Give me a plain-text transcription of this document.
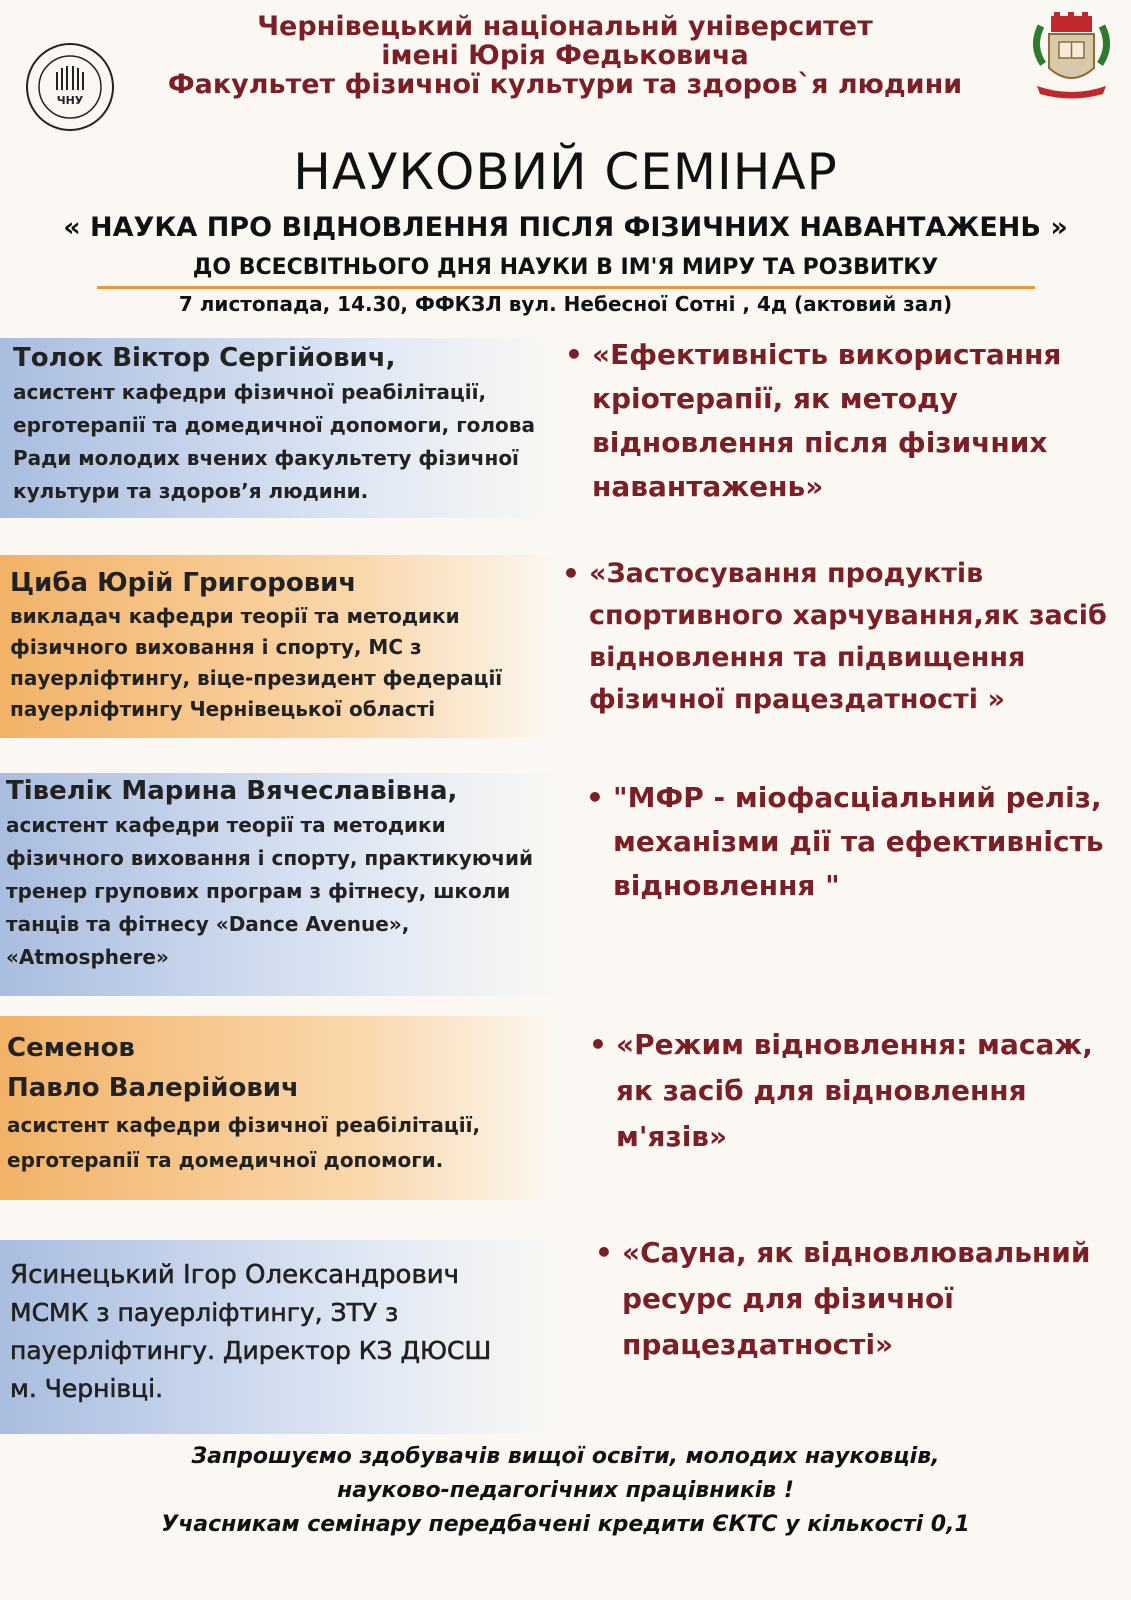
Чернівецький національнй університет
імені Юрія Федьковича
Факультет фізичної культури та здоров`я людини
ЧНУ
НАУКОВИЙ СЕМІНАР
« НАУКА ПРО ВІДНОВЛЕННЯ ПІСЛЯ ФІЗИЧНИХ НАВАНТАЖЕНЬ »
ДО ВСЕСВІТНЬОГО ДНЯ НАУКИ В ІМ'Я МИРУ ТА РОЗВИТКУ
7 листопада, 14.30, ФФКЗЛ вул. Небесної Сотні , 4д (актовий зал)
Толок Віктор Сергійович,
асистент кафедри фізичної реабілітації,
ерготерапії та домедичної допомоги, голова
Ради молодих вчених факультету фізичної
культури та здоров’я людини.
• «Ефективність використання
кріотерапії, як методу
відновлення після фізичних
навантажень»
Циба Юрій Григорович
викладач кафедри теорії та методики
фізичного виховання і спорту, МС з
пауерліфтингу, віце-президент федерації
пауерліфтингу Чернівецької області
• «Застосування продуктів
спортивного харчування,як засіб
відновлення та підвищення
фізичної працездатності »
Тівелік Марина Вячеславівна,
асистент кафедри теорії та методики
фізичного виховання і спорту, практикуючий
тренер групових програм з фітнесу, школи
танців та фітнесу «Dance Avenue»,
«Atmosphere»
• "МФР - міофасціальний реліз,
механізми дії та ефективність
відновлення "
Семенов
Павло Валерійович
асистент кафедри фізичної реабілітації,
ерготерапії та домедичної допомоги.
• «Режим відновлення: масаж,
як засіб для відновлення
м'язів»
Ясинецький Ігор Олександрович
МСМК з пауерліфтингу, ЗТУ з
пауерліфтингу. Директор КЗ ДЮСШ
м. Чернівці.
• «Сауна, як відновлювальний
ресурс для фізичної
працездатності»
Запрошуємо здобувачів вищої освіти, молодих науковців,
науково-педагогічних працівників !
Учасникам семінару передбачені кредити ЄКТС у кількості 0,1
